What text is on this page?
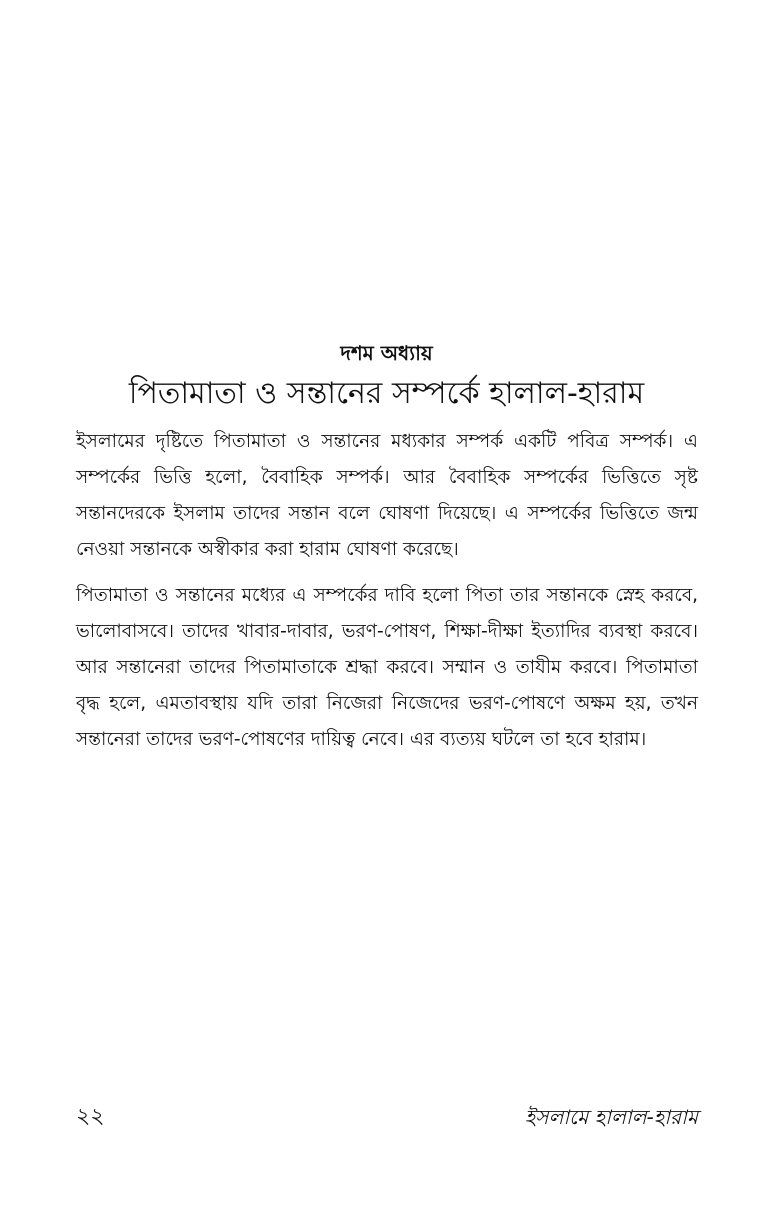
দশম অধ্যায়
পিতামাতা ও সন্তানের সম্পর্কে হালাল-হারাম

ইসলামের দৃষ্টিতে পিতামাতা ও সন্তানের মধ্যকার সম্পর্ক একটি পবিত্র সম্পর্ক। এ সম্পর্কের ভিত্তি হলো, বৈবাহিক সম্পর্ক। আর বৈবাহিক সম্পর্কের ভিত্তিতে সৃষ্ট সন্তানদেরকে ইসলাম তাদের সন্তান বলে ঘোষণা দিয়েছে। এ সম্পর্কের ভিত্তিতে জন্ম নেওয়া সন্তানকে অস্বীকার করা হারাম ঘোষণা করেছে।

পিতামাতা ও সন্তানের মধ্যের এ সম্পর্কের দাবি হলো পিতা তার সন্তানকে স্নেহ করবে, ভালোবাসবে। তাদের খাবার-দাবার, ভরণ-পোষণ, শিক্ষা-দীক্ষা ইত্যাদির ব্যবস্থা করবে। আর সন্তানেরা তাদের পিতামাতাকে শ্রদ্ধা করবে। সম্মান ও তাযীম করবে। পিতামাতা বৃদ্ধ হলে, এমতাবস্থায় যদি তারা নিজেরা নিজেদের ভরণ-পোষণে অক্ষম হয়, তখন সন্তানেরা তাদের ভরণ-পোষণের দায়িত্ব নেবে। এর ব্যত্যয় ঘটলে তা হবে হারাম।

২২	ইসলামে হালাল-হারাম
